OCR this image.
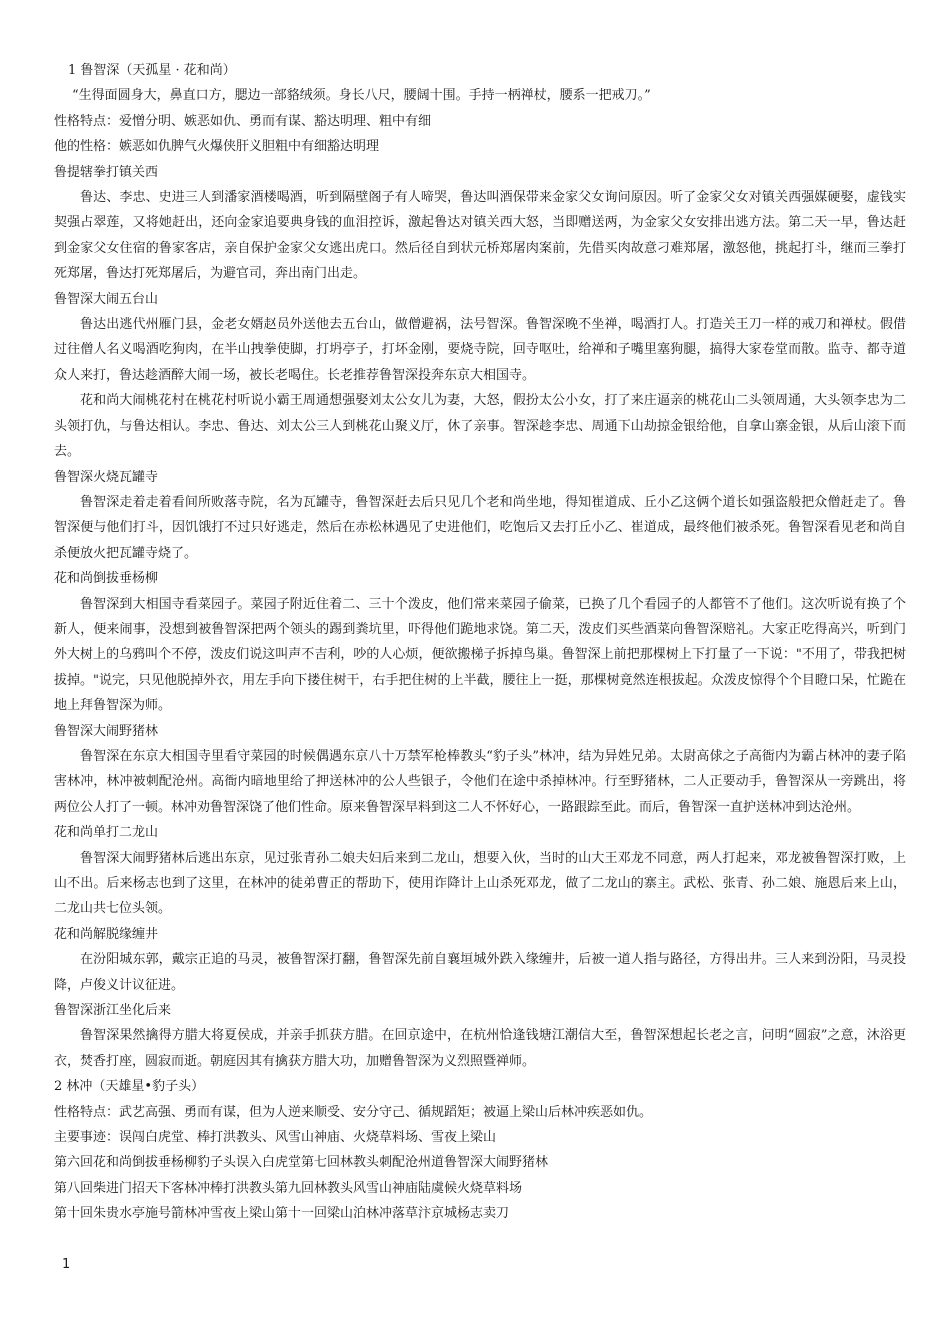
1 鲁智深（天孤星 · 花和尚）

“生得面圆身大，鼻直口方，腮边一部貉绒须。身长八尺，腰阔十围。手持一柄禅杖，腰系一把戒刀。”

性格特点：爱憎分明、嫉恶如仇、勇而有谋、豁达明理、粗中有细

他的性格：嫉恶如仇脾气火爆侠肝义胆粗中有细豁达明理

鲁提辖拳打镇关西

鲁达、李忠、史进三人到潘家酒楼喝酒，听到隔壁阁子有人啼哭，鲁达叫酒保带来金家父女询问原因。听了金家父女对镇关西强媒硬娶，虚钱实契强占翠莲，又将她赶出，还向金家追要典身钱的血泪控诉，激起鲁达对镇关西大怒，当即赠送两，为金家父女安排出逃方法。第二天一早，鲁达赶到金家父女住宿的鲁家客店，亲自保护金家父女逃出虎口。然后径自到状元桥郑屠肉案前，先借买肉故意刁难郑屠，激怒他，挑起打斗，继而三拳打死郑屠，鲁达打死郑屠后，为避官司，奔出南门出走。

鲁智深大闹五台山

鲁达出逃代州雁门县，金老女婿赵员外送他去五台山，做僧避祸，法号智深。鲁智深晚不坐禅，喝酒打人。打造关王刀一样的戒刀和禅杖。假借过往僧人名义喝酒吃狗肉，在半山拽拳使脚，打坍亭子，打坏金刚，要烧寺院，回寺呕吐，给禅和子嘴里塞狗腿，搞得大家卷堂而散。监寺、都寺道众人来打，鲁达趁酒醉大闹一场，被长老喝住。长老推荐鲁智深投奔东京大相国寺。

花和尚大闹桃花村在桃花村听说小霸王周通想强娶刘太公女儿为妻，大怒，假扮太公小女，打了来庄逼亲的桃花山二头领周通，大头领李忠为二头领打仇，与鲁达相认。李忠、鲁达、刘太公三人到桃花山聚义厅，休了亲事。智深趁李忠、周通下山劫掠金银给他，自拿山寨金银，从后山滚下而去。

鲁智深火烧瓦罐寺

鲁智深走着走着看间所败落寺院，名为瓦罐寺，鲁智深赶去后只见几个老和尚坐地，得知崔道成、丘小乙这俩个道长如强盗般把众僧赶走了。鲁智深便与他们打斗，因饥饿打不过只好逃走，然后在赤松林遇见了史进他们，吃饱后又去打丘小乙、崔道成，最终他们被杀死。鲁智深看见老和尚自杀便放火把瓦罐寺烧了。

花和尚倒拔垂杨柳

鲁智深到大相国寺看菜园子。菜园子附近住着二、三十个泼皮，他们常来菜园子偷菜，已换了几个看园子的人都管不了他们。这次听说有换了个新人，便来闹事，没想到被鲁智深把两个领头的踢到粪坑里，吓得他们跪地求饶。第二天，泼皮们买些酒菜向鲁智深赔礼。大家正吃得高兴，听到门外大树上的乌鸦叫个不停，泼皮们说这叫声不吉利，吵的人心烦，便欲搬梯子拆掉鸟巢。鲁智深上前把那棵树上下打量了一下说："不用了，带我把树拔掉。"说完，只见他脱掉外衣，用左手向下搂住树干，右手把住树的上半截，腰往上一挺，那棵树竟然连根拔起。众泼皮惊得个个目瞪口呆，忙跪在地上拜鲁智深为师。

鲁智深大闹野猪林

鲁智深在东京大相国寺里看守菜园的时候偶遇东京八十万禁军枪棒教头“豹子头”林冲，结为异姓兄弟。太尉高俅之子高衙内为霸占林冲的妻子陷害林冲，林冲被刺配沧州。高衙内暗地里给了押送林冲的公人些银子，令他们在途中杀掉林冲。行至野猪林，二人正要动手，鲁智深从一旁跳出，将两位公人打了一顿。林冲劝鲁智深饶了他们性命。原来鲁智深早料到这二人不怀好心，一路跟踪至此。而后，鲁智深一直护送林冲到达沧州。

花和尚单打二龙山

鲁智深大闹野猪林后逃出东京，见过张青孙二娘夫妇后来到二龙山，想要入伙，当时的山大王邓龙不同意，两人打起来，邓龙被鲁智深打败，上山不出。后来杨志也到了这里，在林冲的徒弟曹正的帮助下，使用诈降计上山杀死邓龙，做了二龙山的寨主。武松、张青、孙二娘、施恩后来上山，二龙山共七位头领。

花和尚解脱缘缠井

在汾阳城东郭，戴宗正追的马灵，被鲁智深打翻，鲁智深先前自襄垣城外跌入缘缠井，后被一道人指与路径，方得出井。三人来到汾阳，马灵投降，卢俊义计议征进。

鲁智深浙江坐化后来

鲁智深果然擒得方腊大将夏侯成，并亲手抓获方腊。在回京途中，在杭州恰逢钱塘江潮信大至，鲁智深想起长老之言，问明“圆寂”之意，沐浴更衣，焚香打座，圆寂而逝。朝庭因其有擒获方腊大功，加赠鲁智深为义烈照暨禅师。

2 林冲（天雄星•豹子头）

性格特点：武艺高强、勇而有谋，但为人逆来顺受、安分守己、循规蹈矩；被逼上梁山后林冲疾恶如仇。

主要事迹：误闯白虎堂、棒打洪教头、风雪山神庙、火烧草料场、雪夜上梁山

第六回花和尚倒拔垂杨柳豹子头误入白虎堂第七回林教头刺配沧州道鲁智深大闹野猪林

第八回柴进门招天下客林冲棒打洪教头第九回林教头风雪山神庙陆虞候火烧草料场

第十回朱贵水亭施号箭林冲雪夜上梁山第十一回梁山泊林冲落草汴京城杨志卖刀

1
